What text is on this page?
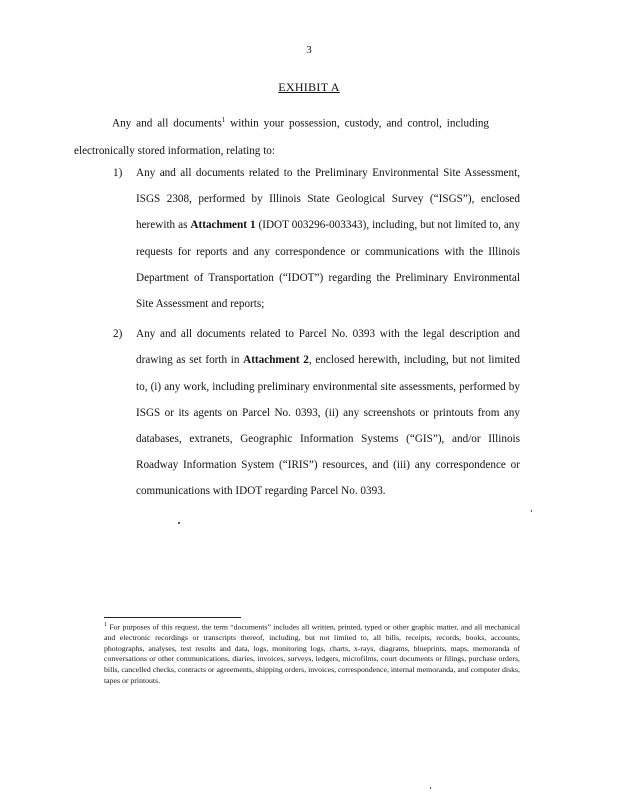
3
EXHIBIT A
Any and all documents$^1$ within your possession, custody, and control, including electronically stored information, relating to:
1) Any and all documents related to the Preliminary Environmental Site Assessment, ISGS 2308, performed by Illinois State Geological Survey (“ISGS”), enclosed herewith as Attachment 1 (IDOT 003296-003343), including, but not limited to, any requests for reports and any correspondence or communications with the Illinois Department of Transportation (“IDOT”) regarding the Preliminary Environmental Site Assessment and reports;
2) Any and all documents related to Parcel No. 0393 with the legal description and drawing as set forth in Attachment 2, enclosed herewith, including, but not limited to, (i) any work, including preliminary environmental site assessments, performed by ISGS or its agents on Parcel No. 0393, (ii) any screenshots or printouts from any databases, extranets, Geographic Information Systems (“GIS”), and/or Illinois Roadway Information System (“IRIS”) resources, and (iii) any correspondence or communications with IDOT regarding Parcel No. 0393.
$^1$ For purposes of this request, the term “documents” includes all written, printed, typed or other graphic matter, and all mechanical and electronic recordings or transcripts thereof, including, but not limited to, all bills, receipts, records, books, accounts, photographs, analyses, test results and data, logs, monitoring logs, charts, x-rays, diagrams, blueprints, maps, memoranda of conversations or other communications, diaries, invoices, surveys, ledgers, microfilms, court documents or filings, purchase orders, bills, cancelled checks, contracts or agreements, shipping orders, invoices, correspondence, internal memoranda, and computer disks, tapes or printouts.
